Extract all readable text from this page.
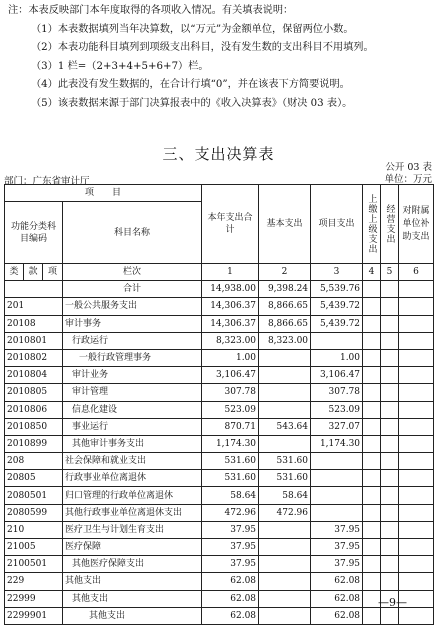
注：本表反映部门本年度取得的各项收入情况。有关填表说明：
（1）本表数据填列当年决算数，以“万元”为金额单位，保留两位小数。
（2）本表功能科目填列到项级支出科目，没有发生数的支出科目不用填列。
（3）1 栏=（2+3+4+5+6+7）栏。
（4）此表没有发生数据的，在合计行填“0”，并在该表下方简要说明。
（5）该表数据来源于部门决算报表中的《收入决算表》（财决 03 表）。
三、支出决算表
公开 03 表
部门：广东省审计厅	单位：万元
项　　目				本年支出合计	基本支出	项目支出	上缴上级支出	经营支出	对附属单位补助支出
功能分类科目编码			科目名称						
类	款	项	栏次	1	2	3	4	5	6
			合计	14,938.00	9,398.24	5,539.76			
201			一般公共服务支出	14,306.37	8,866.65	5,439.72			
20108			审计事务	14,306.37	8,866.65	5,439.72			
2010801			行政运行	8,323.00	8,323.00				
2010802			一般行政管理事务	1.00		1.00			
2010804			审计业务	3,106.47		3,106.47			
2010805			审计管理	307.78		307.78			
2010806			信息化建设	523.09		523.09			
2010850			事业运行	870.71	543.64	327.07			
2010899			其他审计事务支出	1,174.30		1,174.30			
208			社会保障和就业支出	531.60	531.60				
20805			行政事业单位离退休	531.60	531.60				
2080501			归口管理的行政单位离退休	58.64	58.64				
2080599			其他行政事业单位离退休支出	472.96	472.96				
210			医疗卫生与计划生育支出	37.95		37.95			
21005			医疗保障	37.95		37.95			
2100501			其他医疗保障支出	37.95		37.95			
229			其他支出	62.08		62.08			
22999			其他支出	62.08		62.08			
2299901			其他支出	62.08		62.08			
—9—
